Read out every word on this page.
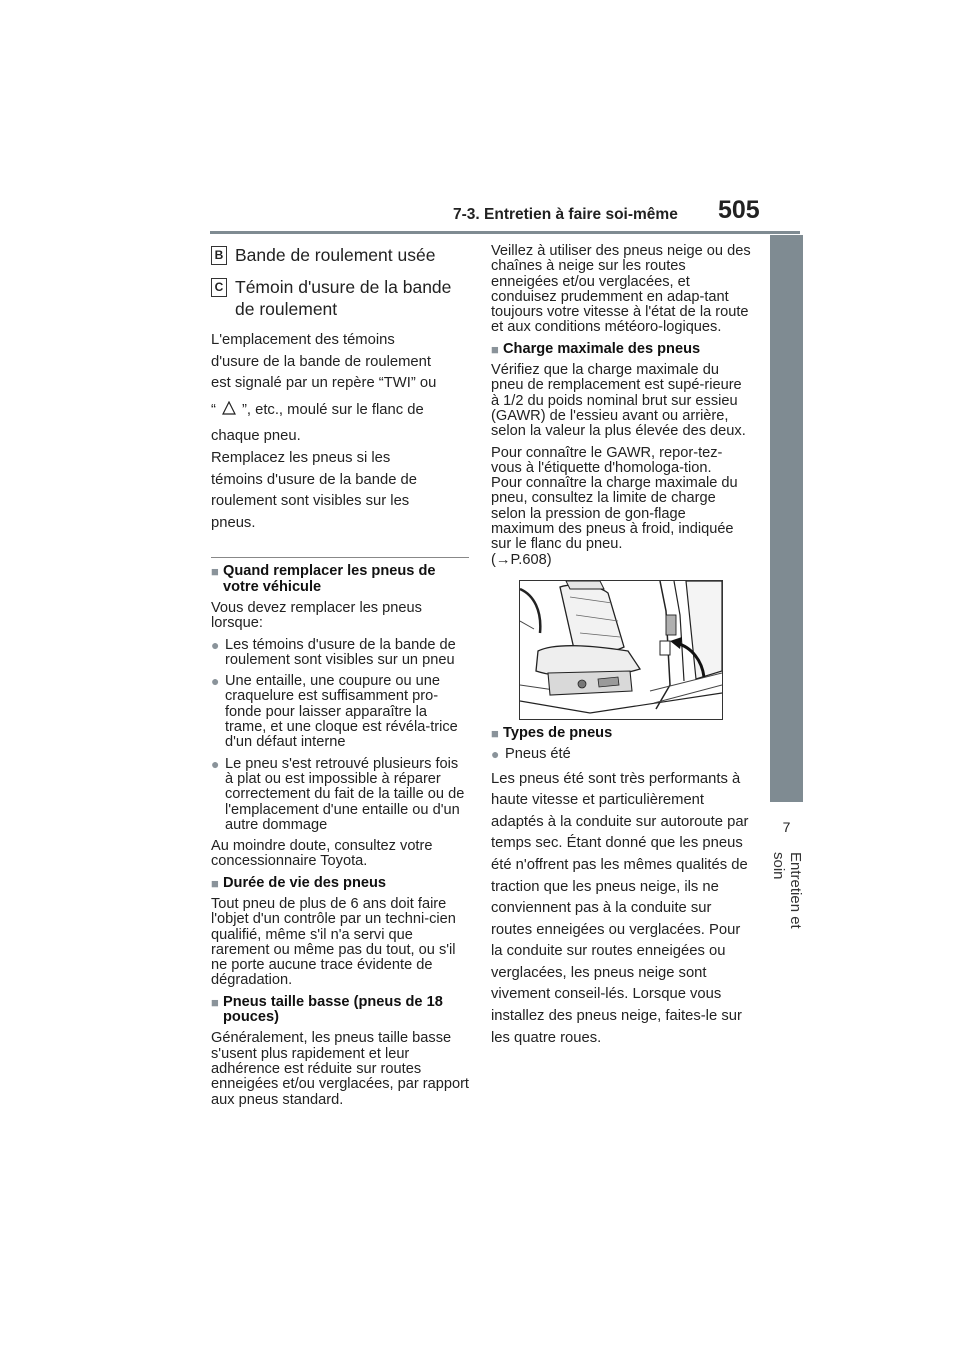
7-3. Entretien à faire soi-même 505
7
Entretien et soin
B Bande de roulement usée
C Témoin d'usure de la bande de roulement
L'emplacement des témoins
d'usure de la bande de roulement
est signalé par un repère “TWI” ou
“ ”, etc., moulé sur le flanc de
chaque pneu.
Remplacez les pneus si les
témoins d'usure de la bande de
roulement sont visibles sur les
pneus.
■ Quand remplacer les pneus de votre véhicule

Vous devez remplacer les pneus lorsque:

● Les témoins d'usure de la bande de roulement sont visibles sur un pneu
● Une entaille, une coupure ou une craquelure est suffisamment pro-fonde pour laisser apparaître la trame, et une cloque est révéla-trice d'un défaut interne
● Le pneu s'est retrouvé plusieurs fois à plat ou est impossible à réparer correctement du fait de la taille ou de l'emplacement d'une entaille ou d'un autre dommage

Au moindre doute, consultez votre concessionnaire Toyota.

■ Durée de vie des pneus

Tout pneu de plus de 6 ans doit faire l'objet d'un contrôle par un techni-cien qualifié, même s'il n'a servi que rarement ou même pas du tout, ou s'il ne porte aucune trace évidente de dégradation.

■ Pneus taille basse (pneus de 18 pouces)

Généralement, les pneus taille basse s'usent plus rapidement et leur adhérence est réduite sur routes enneigées et/ou verglacées, par rapport aux pneus standard.

Veillez à utiliser des pneus neige ou des chaînes à neige sur les routes enneigées et/ou verglacées, et conduisez prudemment en adap-tant toujours votre vitesse à l'état de la route et aux conditions météoro-logiques.

■ Charge maximale des pneus

Vérifiez que la charge maximale du pneu de remplacement est supé-rieure à 1/2 du poids nominal brut sur essieu (GAWR) de l'essieu avant ou arrière, selon la valeur la plus élevée des deux.

Pour connaître le GAWR, repor-tez-vous à l'étiquette d'homologa-tion.

Pour connaître la charge maximale du pneu, consultez la limite de charge selon la pression de gon-flage maximum des pneus à froid, indiquée sur le flanc du pneu.

(→P.608)

■ Types de pneus
● Pneus été

Les pneus été sont très performants à haute vitesse et particulièrement adaptés à la conduite sur autoroute par temps sec. Étant donné que les pneus été n'offrent pas les mêmes qualités de traction que les pneus neige, ils ne conviennent pas à la conduite sur routes enneigées ou verglacées. Pour la conduite sur routes enneigées ou verglacées, les pneus neige sont vivement conseil-lés. Lorsque vous installez des pneus neige, faites-le sur les quatre roues.
